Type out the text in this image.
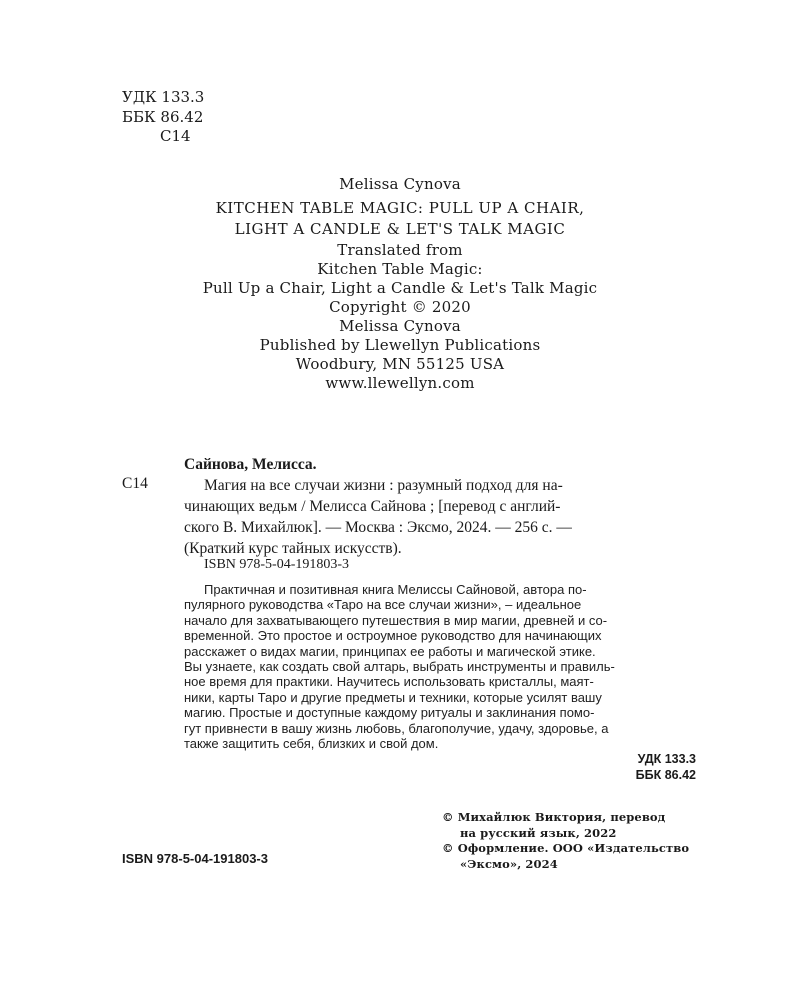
УДК 133.3
ББК 86.42
С14
Melissa Cynova
KITCHEN TABLE MAGIC: PULL UP A CHAIR,
LIGHT A CANDLE & LET'S TALK MAGIC
Translated from
Kitchen Table Magic:
Pull Up a Chair, Light a Candle & Let's Talk Magic
Copyright © 2020
Melissa Cynova
Published by Llewellyn Publications
Woodbury, MN 55125 USA
www.llewellyn.com
Сайнова, Мелисса.
С14	Магия на все случаи жизни : разумный подход для на-
чинающих ведьм / Мелисса Сайнова ; [перевод с англий-
ского В. Михайлюк]. — Москва : Эксмо, 2024. — 256 с. —
(Краткий курс тайных искусств).
ISBN 978-5-04-191803-3
Практичная и позитивная книга Мелиссы Сайновой, автора по-
пулярного руководства «Таро на все случаи жизни», – идеальное
начало для захватывающего путешествия в мир магии, древней и со-
временной. Это простое и остроумное руководство для начинающих
расскажет о видах магии, принципах ее работы и магической этике.
Вы узнаете, как создать свой алтарь, выбрать инструменты и правиль-
ное время для практики. Научитесь использовать кристаллы, маят-
ники, карты Таро и другие предметы и техники, которые усилят вашу
магию. Простые и доступные каждому ритуалы и заклинания помо-
гут привнести в вашу жизнь любовь, благополучие, удачу, здоровье, а
также защитить себя, близких и свой дом.
УДК 133.3
ББК 86.42
© Михайлюк Виктория, перевод
на русский язык, 2022
© Оформление. ООО «Издательство
«Эксмо», 2024
ISBN 978-5-04-191803-3
